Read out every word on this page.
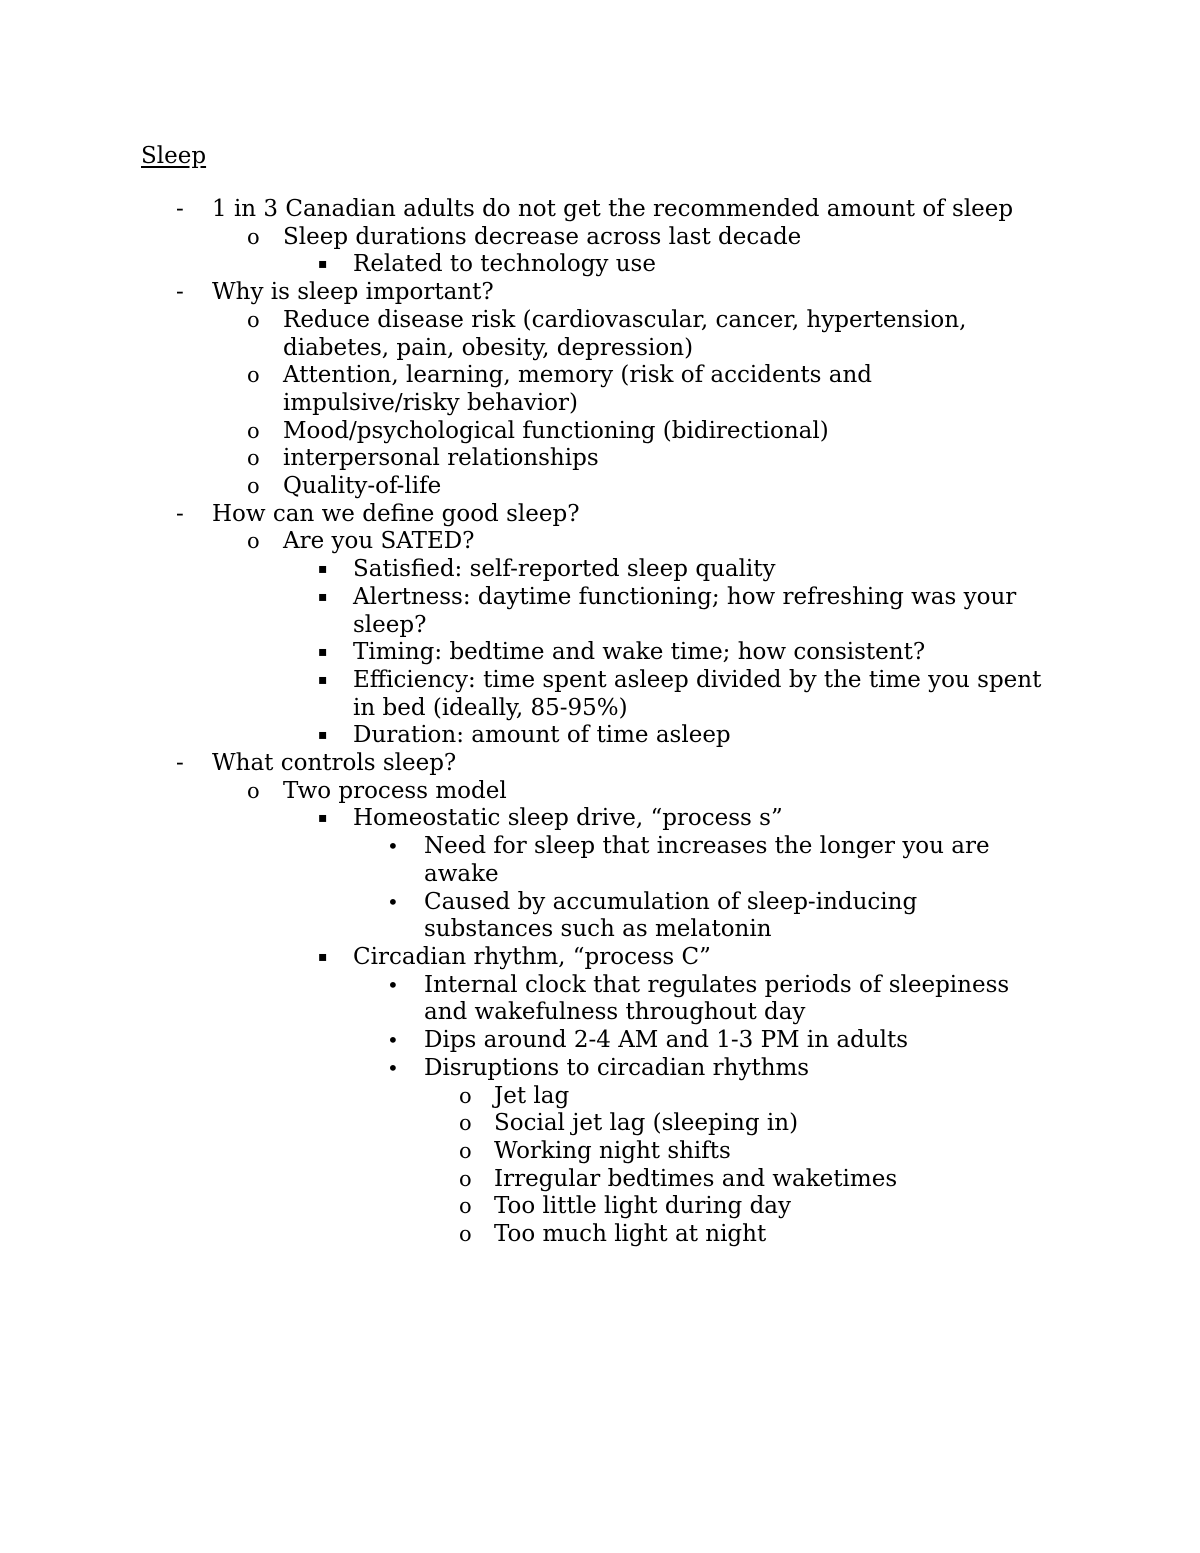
Sleep
- 1 in 3 Canadian adults do not get the recommended amount of sleep
o Sleep durations decrease across last decade
▪ Related to technology use
- Why is sleep important?
o Reduce disease risk (cardiovascular, cancer, hypertension, diabetes, pain, obesity, depression)
o Attention, learning, memory (risk of accidents and impulsive/risky behavior)
o Mood/psychological functioning (bidirectional)
o interpersonal relationships
o Quality-of-life
- How can we define good sleep?
o Are you SATED?
▪ Satisfied: self-reported sleep quality
▪ Alertness: daytime functioning; how refreshing was your sleep?
▪ Timing: bedtime and wake time; how consistent?
▪ Efficiency: time spent asleep divided by the time you spent in bed (ideally, 85-95%)
▪ Duration: amount of time asleep
- What controls sleep?
o Two process model
▪ Homeostatic sleep drive, “process s”
• Need for sleep that increases the longer you are awake
• Caused by accumulation of sleep-inducing substances such as melatonin
▪ Circadian rhythm, “process C”
• Internal clock that regulates periods of sleepiness and wakefulness throughout day
• Dips around 2-4 AM and 1-3 PM in adults
• Disruptions to circadian rhythms
o Jet lag
o Social jet lag (sleeping in)
o Working night shifts
o Irregular bedtimes and waketimes
o Too little light during day
o Too much light at night
